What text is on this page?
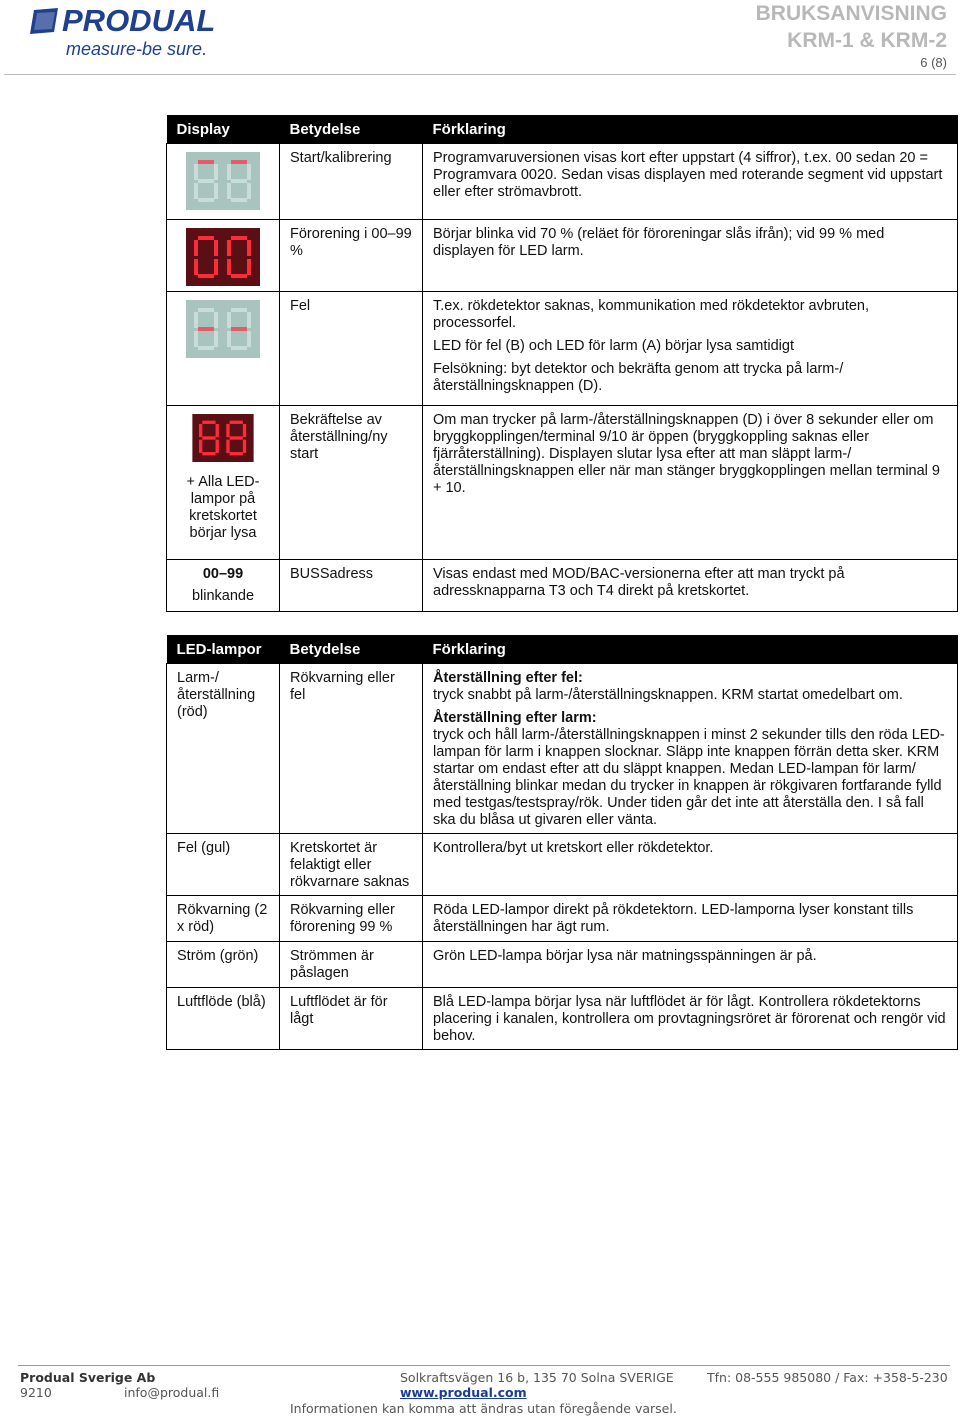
PRODUAL
measure-be sure.
BRUKSANVISNING
KRM-1 & KRM-2
6 (8)
Display	Betydelse	Förklaring

	Start/kalibrering	Programvaruversionen visas kort efter uppstart (4 siffror), t.ex. 00 sedan 20 = Programvara 0020. Sedan visas displayen med roterande segment vid uppstart eller efter strömavbrott.

	Förorening i 00–99 %	Börjar blinka vid 70 % (reläet för föroreningar slås ifrån); vid 99 % med displayen för LED larm.

	Fel	T.ex. rökdetektor saknas, kommunikation med rökdetektor avbruten, processorfel.

LED för fel (B) och LED för larm (A) börjar lysa samtidigt

Felsökning: byt detektor och bekräfta genom att trycka på larm-/återställningsknappen (D).

+ Alla LED-lampor på kretskortet börjar lysa	Bekräftelse av återställning/ny start	Om man trycker på larm-/återställningsknappen (D) i över 8 sekunder eller om bryggkopplingen/terminal 9/10 är öppen (bryggkoppling saknas eller fjärråterställning). Displayen slutar lysa efter att man släppt larm-/återställningsknappen eller när man stänger bryggkopplingen mellan terminal 9 + 10.

00–99
blinkande	BUSSadress	Visas endast med MOD/BAC-versionerna efter att man tryckt på adressknapparna T3 och T4 direkt på kretskortet.
LED-lampor	Betydelse	Förklaring
Larm-/återställning (röd)	Rökvarning eller fel	Återställning efter fel:

tryck snabbt på larm-/återställningsknappen. KRM startat omedelbart om.

Återställning efter larm:
tryck och håll larm-/återställningsknappen i minst 2 sekunder tills den röda LED-lampan för larm i knappen slocknar. Släpp inte knappen förrän detta sker. KRM startar om endast efter att du släppt knappen. Medan LED-lampan för larm/återställning blinkar medan du trycker in knappen är rökgivaren fortfarande fylld med testgas/testspray/rök. Under tiden går det inte att återställa den. I så fall ska du blåsa ut givaren eller vänta.

Fel (gul)	Kretskortet är felaktigt eller rökvarnare saknas	Kontrollera/byt ut kretskort eller rökdetektor.
Rökvarning (2 x röd)	Rökvarning eller förorening 99 %	Röda LED-lampor direkt på rökdetektorn. LED-lamporna lyser konstant tills återställningen har ägt rum.
Ström (grön)	Strömmen är påslagen	Grön LED-lampa börjar lysa när matningsspänningen är på.
Luftflöde (blå)	Luftflödet är för lågt	Blå LED-lampa börjar lysa när luftflödet är för lågt. Kontrollera rökdetektorns placering i kanalen, kontrollera om provtagningsröret är förorenat och rengör vid behov.
Produal Sverige Ab
9210	info@produal.fi
Solkraftsvägen 16 b, 135 70 Solna SVERIGE
www.produal.com
Tfn: 08-555 985080 / Fax: +358-5-230
Informationen kan komma att ändras utan föregående varsel.
